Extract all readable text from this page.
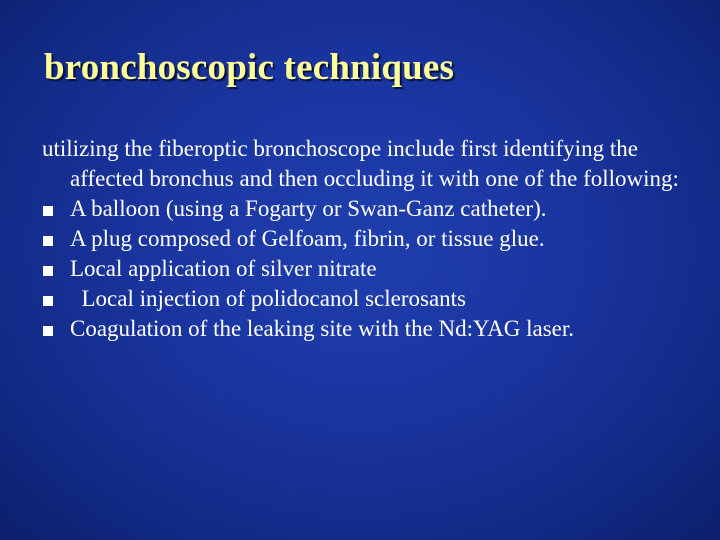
bronchoscopic techniques

utilizing the fiberoptic bronchoscope include first identifying the affected bronchus and then occluding it with one of the following:

A balloon (using a Fogarty or Swan-Ganz catheter).
A plug composed of Gelfoam, fibrin, or tissue glue.
Local application of silver nitrate
Local injection of polidocanol sclerosants
Coagulation of the leaking site with the Nd:YAG laser.
